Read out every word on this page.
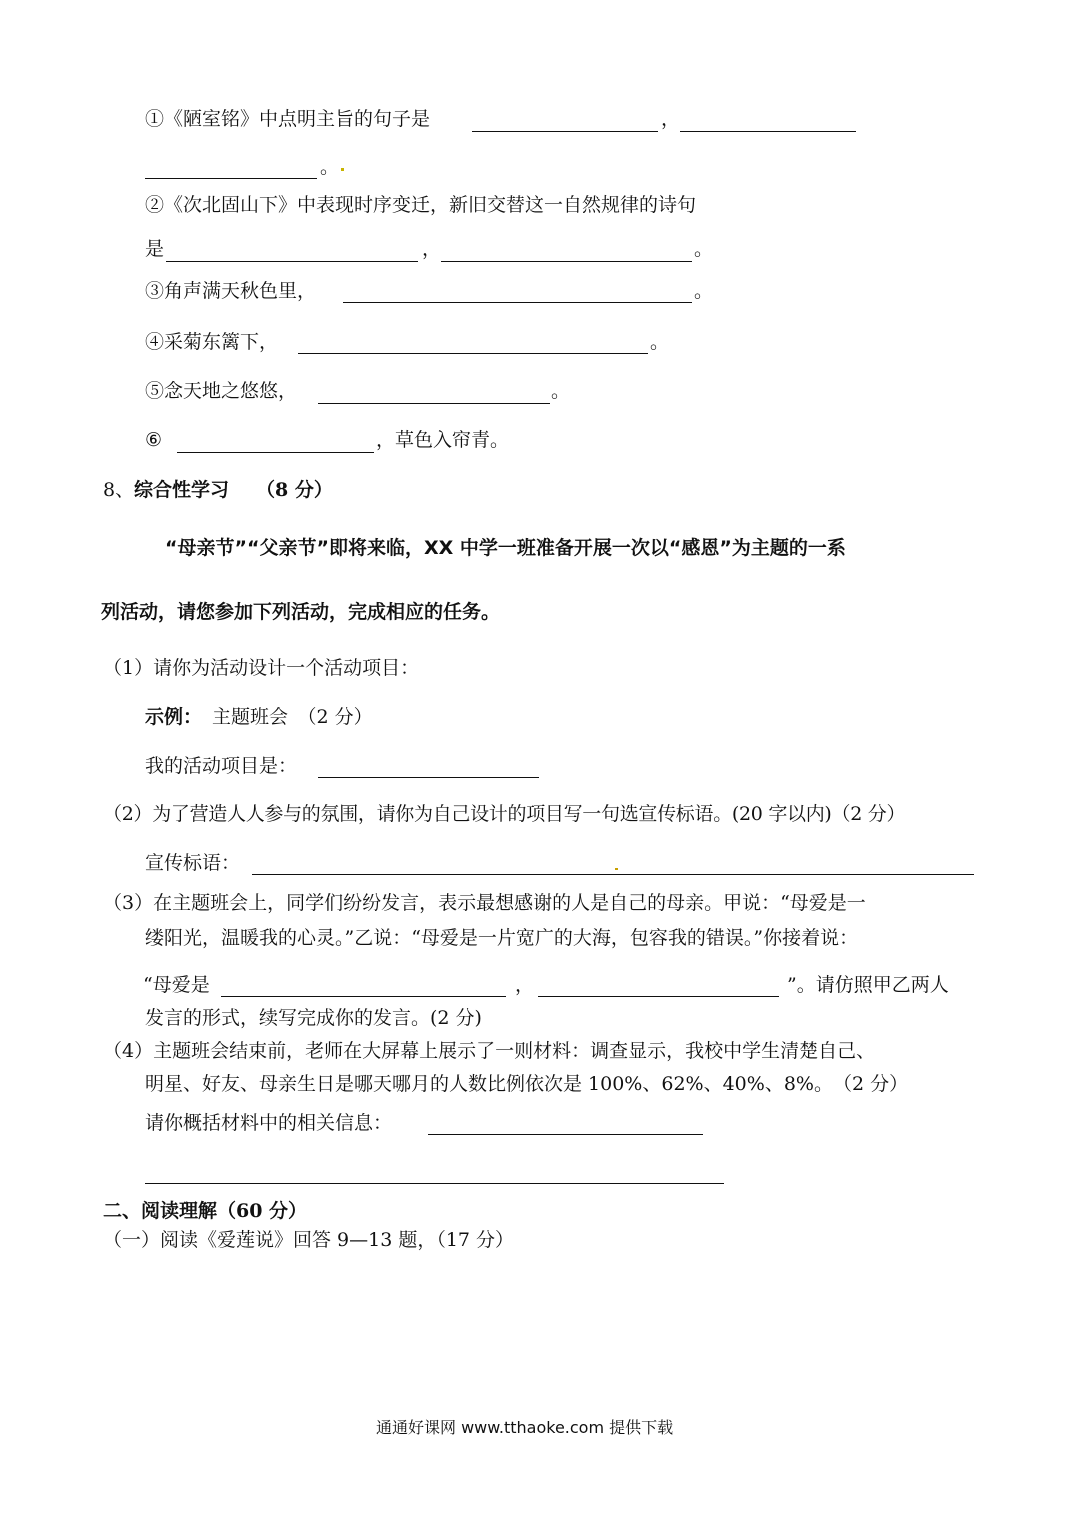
①《陋室铭》中点明主旨的句子是	，
。
②《次北固山下》中表现时序变迁，新旧交替这一自然规律的诗句
是	，	。
③角声满天秋色里，	。
④采菊东篱下，	。
⑤念天地之悠悠，	。
⑥	，草色入帘青。
8、 综合性学习 （8 分）
“母亲节”“父亲节”即将来临，XX 中学一班准备开展一次以“感恩”为主题的一系
列活动，请您参加下列活动，完成相应的任务。
（1）请你为活动设计一个活动项目：
示例： 主题班会　（2 分）
我的活动项目是：
（2）为了营造人人参与的氛围，请你为自己设计的项目写一句选宣传标语。(20 字以内)（2 分）
宣传标语：
（3）在主题班会上，同学们纷纷发言，表示最想感谢的人是自己的母亲。甲说：“母爱是一
缕阳光，温暖我的心灵。”乙说：“母爱是一片宽广的大海，包容我的错误。”你接着说：
“母爱是	，	”。请仿照甲乙两人
发言的形式，续写完成你的发言。(2 分)
（4）主题班会结束前，老师在大屏幕上展示了一则材料：调查显示，我校中学生清楚自己、
明星、好友、母亲生日是哪天哪月的人数比例依次是 100%、62%、40%、8%。　（2 分）
请你概括材料中的相关信息：
二、阅读理解（60 分）
（一）阅读《爱莲说》回答 9—13 题，（17 分）
通通好课网 www.tthaoke.com 提供下载
